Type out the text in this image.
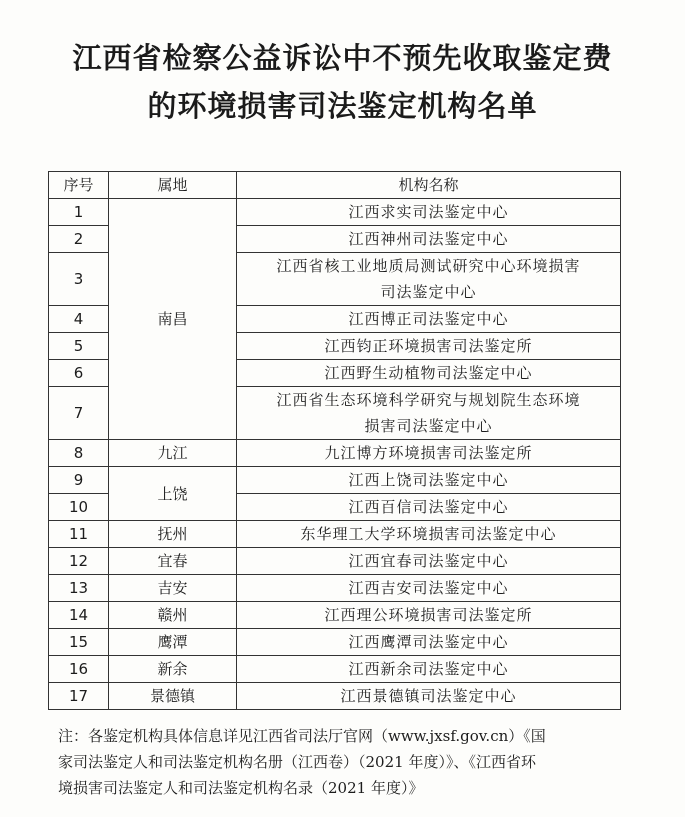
江西省检察公益诉讼中不预先收取鉴定费
的环境损害司法鉴定机构名单
序号	属地	机构名称
1	南昌	江西求实司法鉴定中心

2		江西神州司法鉴定中心

3		江西省核工业地质局测试研究中心环境损害
司法鉴定中心

4		江西博正司法鉴定中心

5		江西钧正环境损害司法鉴定所

6		江西野生动植物司法鉴定中心

7		江西省生态环境科学研究与规划院生态环境
损害司法鉴定中心

8	九江	九江博方环境损害司法鉴定所

9	上饶	江西上饶司法鉴定中心

10		江西百信司法鉴定中心

11	抚州	东华理工大学环境损害司法鉴定中心

12	宜春	江西宜春司法鉴定中心

13	吉安	江西吉安司法鉴定中心

14	赣州	江西理公环境损害司法鉴定所

15	鹰潭	江西鹰潭司法鉴定中心

16	新余	江西新余司法鉴定中心

17	景德镇	江西景德镇司法鉴定中心
注：各鉴定机构具体信息详见江西省司法厅官网（www.jxsf.gov.cn）《国
家司法鉴定人和司法鉴定机构名册（江西卷）（2021 年度）》、《江西省环
境损害司法鉴定人和司法鉴定机构名录（2021 年度）》
